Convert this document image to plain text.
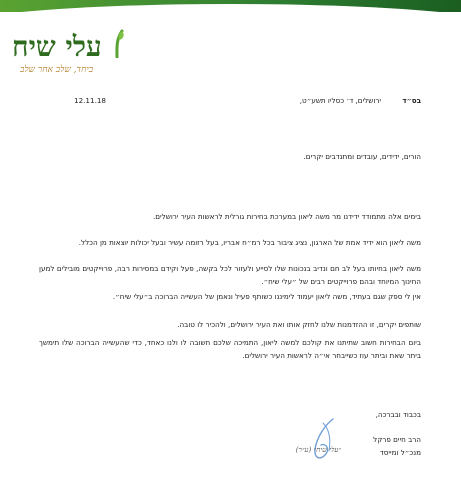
עלי שיח
ביחד, שלב אחר שלב
בס״ד
ירושלים, ד׳ כסליו תשע״ט,
12.11.18
הורים, ידידים, עובדים ומתנדבים יקרים.
בימים אלה מתמודד ידידנו מר משה ליאון במערכת בחירות גורלית לראשות העיר ירושלים.
משה ליאון הוא ידיד אמת של הארגון, נציג ציבור בכל רמ״ח אבריו, בעל רזומה עשיר ובעל יכולות יוצאות מן הכלל.
משה ליאון בחיותו בעל לב חם ונדיב בנכונות שלו לסייע ולעזור לכל בקשה, פעל וקידם במסירות רבה, פרוייקטים מובילים למען החינוך המיוחד ובהם פרוייקטים רבים של ״עלי שיח״.
אין לי ספק שגם בעתיד, משה ליאון יעמוד לימיננו כשותף פעיל ונאמן של העשייה הברוכה ב״עלי שיח״.
שותפים יקרים, זו ההזדמנות שלנו לחזק אותו ואת העיר ירושלים, ולהכיר לו טובה.
ביום הבחירות חשוב שתיתנו את קולכם למשה ליאון, התמיכה שלכם חשובה לו ולנו כאחד, כדי שהעשייה הברוכה שלו תימשך ביתר שאת וביתר עוז כשייבחר אי״ה לראשות העיר ירושלים.
בכבוד ובברכה,
הרב חיים פרקל
מנכ״ל ומייסד
״עלי שיח״ (ע״ר)
